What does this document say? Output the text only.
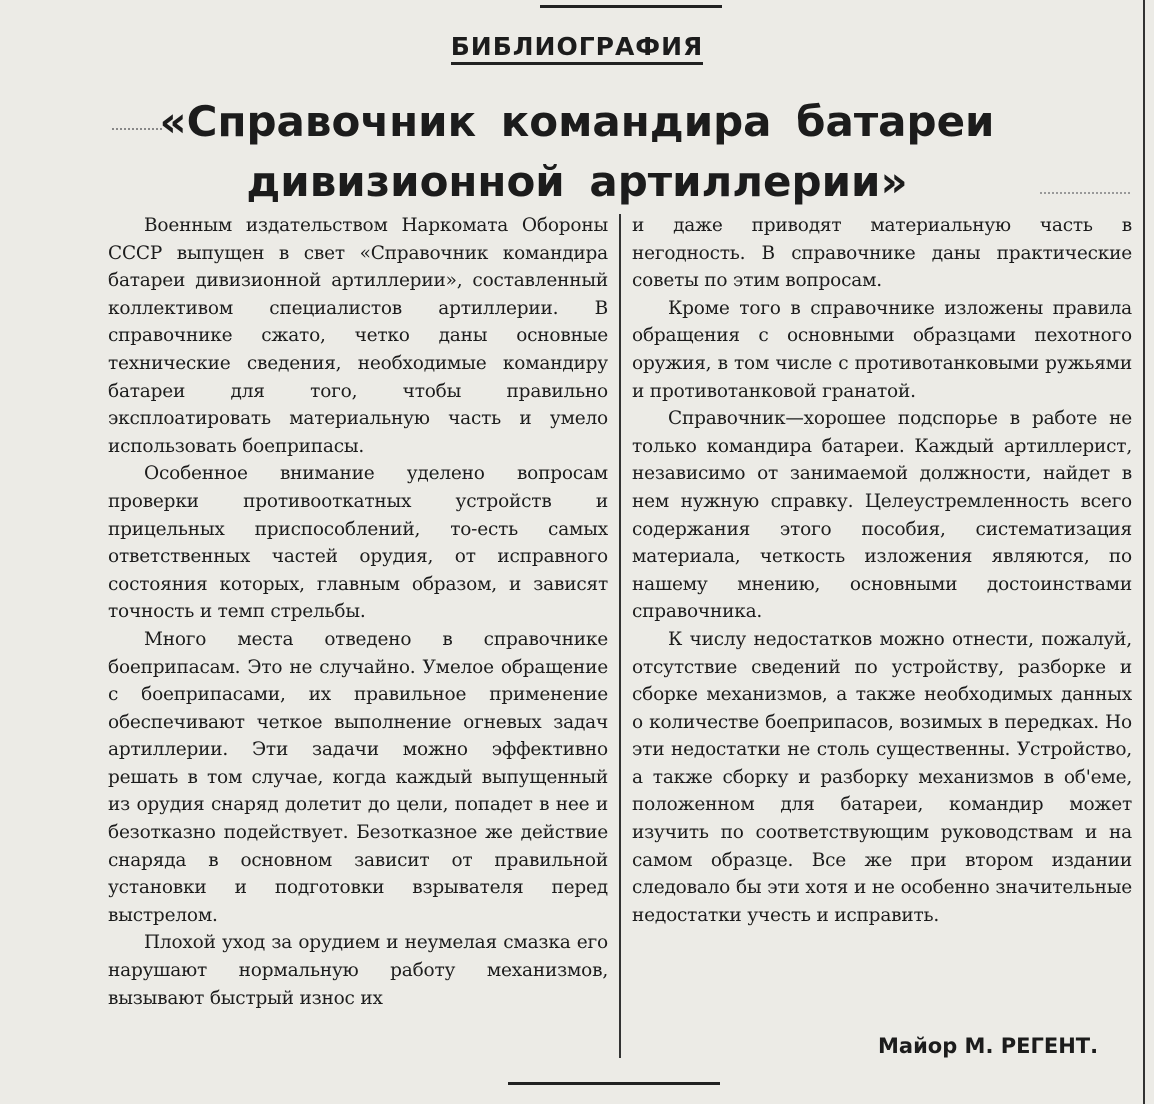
БИБЛИОГРАФИЯ
«Справочник командира батареи
дивизионной артиллерии»

Военным издательством Наркомата Обороны СССР выпущен в свет «Справочник командира батареи дивизионной артиллерии», составленный коллективом специалистов артиллерии. В справочнике сжато, четко даны основные технические сведения, необходимые командиру батареи для того, чтобы правильно эксплоатировать материальную часть и умело использовать боеприпасы.

Особенное внимание уделено вопросам проверки противооткатных устройств и прицельных приспособлений, то-есть самых ответственных частей орудия, от исправного состояния которых, главным образом, и зависят точность и темп стрельбы.

Много места отведено в справочнике боеприпасам. Это не случайно. Умелое обращение с боеприпасами, их правильное применение обеспечивают четкое выполнение огневых задач артиллерии. Эти задачи можно эффективно решать в том случае, когда каждый выпущенный из орудия снаряд долетит до цели, попадет в нее и безотказно подействует. Безотказное же действие снаряда в основном зависит от правильной установки и подготовки взрывателя перед выстрелом.

Плохой уход за орудием и неумелая смазка его нарушают нормальную работу механизмов, вызывают быстрый износ их

и даже приводят материальную часть в негодность. В справочнике даны практические советы по этим вопросам.

Кроме того в справочнике изложены правила обращения с основными образцами пехотного оружия, в том числе с противотанковыми ружьями и противотанковой гранатой.

Справочник—хорошее подспорье в работе не только командира батареи. Каждый артиллерист, независимо от занимаемой должности, найдет в нем нужную справку. Целеустремленность всего содержания этого пособия, систематизация материала, четкость изложения являются, по нашему мнению, основными достоинствами справочника.

К числу недостатков можно отнести, пожалуй, отсутствие сведений по устройству, разборке и сборке механизмов, а также необходимых данных о количестве боеприпасов, возимых в передках. Но эти недостатки не столь существенны. Устройство, а также сборку и разборку механизмов в об'еме, положенном для батареи, командир может изучить по соответствующим руководствам и на самом образце. Все же при втором издании следовало бы эти хотя и не особенно значительные недостатки учесть и исправить.

Майор М. РЕГЕНТ.
